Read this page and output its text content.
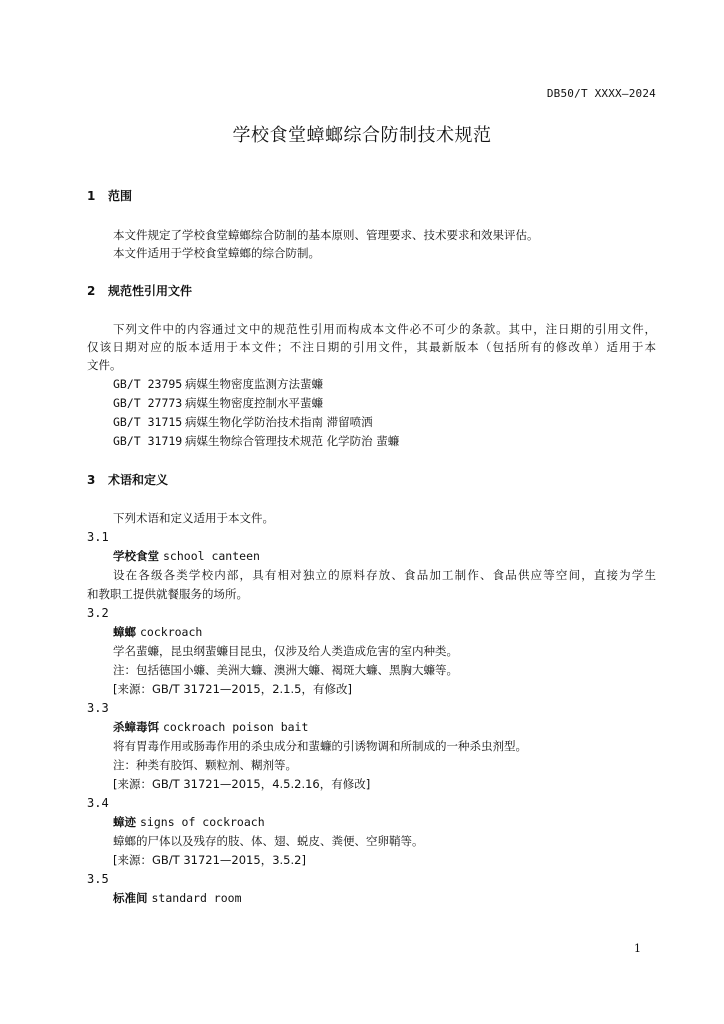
DB50/T XXXX—2024
学校食堂蟑螂综合防制技术规范
1 范围
本文件规定了学校食堂蟑螂综合防制的基本原则、管理要求、技术要求和效果评估。
本文件适用于学校食堂蟑螂的综合防制。
2 规范性引用文件
下列文件中的内容通过文中的规范性引用而构成本文件必不可少的条款。其中，注日期的引用文件，
仅该日期对应的版本适用于本文件；不注日期的引用文件，其最新版本（包括所有的修改单）适用于本
文件。
GB/T 23795 病媒生物密度监测方法蜚蠊
GB/T 27773 病媒生物密度控制水平蜚蠊
GB/T 31715 病媒生物化学防治技术指南 滞留喷洒
GB/T 31719 病媒生物综合管理技术规范 化学防治 蜚蠊
3 术语和定义
下列术语和定义适用于本文件。
3.1
学校食堂 school canteen
设在各级各类学校内部，具有相对独立的原料存放、食品加工制作、食品供应等空间，直接为学生
和教职工提供就餐服务的场所。
3.2
蟑螂 cockroach
学名蜚蠊，昆虫纲蜚蠊目昆虫，仅涉及给人类造成危害的室内种类。
注：包括德国小蠊、美洲大蠊、澳洲大蠊、褐斑大蠊、黑胸大蠊等。
[来源：GB/T 31721—2015，2.1.5，有修改]
3.3
杀蟑毒饵 cockroach poison bait
将有胃毒作用或肠毒作用的杀虫成分和蜚蠊的引诱物调和所制成的一种杀虫剂型。
注：种类有胶饵、颗粒剂、糊剂等。
[来源：GB/T 31721—2015，4.5.2.16，有修改]
3.4
蟑迹 signs of cockroach
蟑螂的尸体以及残存的肢、体、翅、蜕皮、粪便、空卵鞘等。
[来源：GB/T 31721—2015，3.5.2]
3.5
标准间 standard room
1
